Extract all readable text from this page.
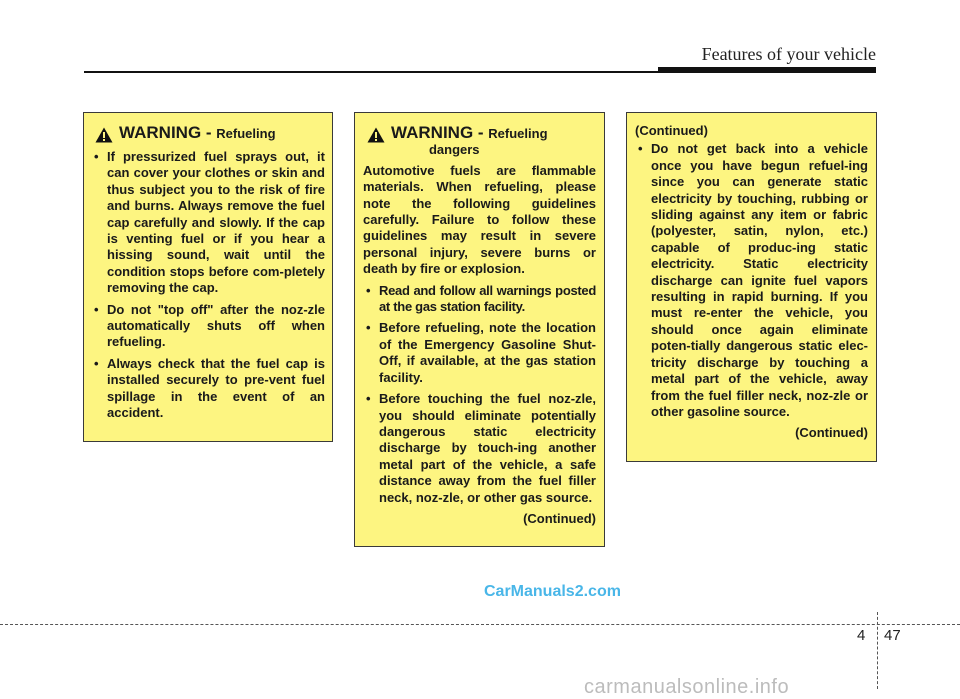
Features of your vehicle
WARNING - Refueling
• If pressurized fuel sprays out, it can cover your clothes or skin and thus subject you to the risk of fire and burns. Always remove the fuel cap carefully and slowly. If the cap is venting fuel or if you hear a hissing sound, wait until the condition stops before com-pletely removing the cap.
• Do not "top off" after the noz-zle automatically shuts off when refueling.
• Always check that the fuel cap is installed securely to pre-vent fuel spillage in the event of an accident.
WARNING - Refueling
dangers
Automotive fuels are flammable materials. When refueling, please note the following guidelines carefully. Failure to follow these guidelines may result in severe personal injury, severe burns or death by fire or explosion.
• Read and follow all warnings posted at the gas station facility.
• Before refueling, note the location of the Emergency Gasoline Shut-Off, if available, at the gas station facility.
• Before touching the fuel noz-zle, you should eliminate potentially dangerous static electricity discharge by touch-ing another metal part of the vehicle, a safe distance away from the fuel filler neck, noz-zle, or other gas source.
(Continued)
(Continued)
• Do not get back into a vehicle once you have begun refuel-ing since you can generate static electricity by touching, rubbing or sliding against any item or fabric (polyester, satin, nylon, etc.) capable of produc-ing static electricity. Static electricity discharge can ignite fuel vapors resulting in rapid burning. If you must re-enter the vehicle, you should once again eliminate poten-tially dangerous static elec-tricity discharge by touching a metal part of the vehicle, away from the fuel filler neck, noz-zle or other gasoline source.
(Continued)
CarManuals2.com
4 47
carmanualsonline.info
